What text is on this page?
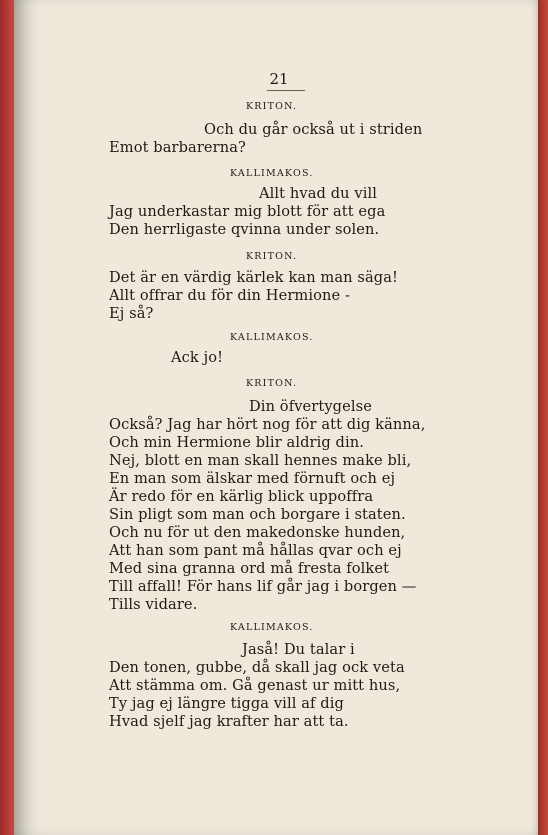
21
KRITON.
Och du går också ut i striden
Emot barbarerna?
KALLIMAKOS.
Allt hvad du vill
Jag underkastar mig blott för att ega
Den herrligaste qvinna under solen.
KRITON.
Det är en värdig kärlek kan man säga!
Allt offrar du för din Hermione -
Ej så?
KALLIMAKOS.
Ack jo!
KRITON.
Din öfvertygelse
Också? Jag har hört nog för att dig känna,
Och min Hermione blir aldrig din.
Nej, blott en man skall hennes make bli,
En man som älskar med förnuft och ej
Är redo för en kärlig blick uppoffra
Sin pligt som man och borgare i staten.
Och nu för ut den makedonske hunden,
Att han som pant må hållas qvar och ej
Med sina granna ord må fresta folket
Till affall! För hans lif går jag i borgen —
Tills vidare.
KALLIMAKOS.
Jaså! Du talar i
Den tonen, gubbe, då skall jag ock veta
Att stämma om. Gå genast ur mitt hus,
Ty jag ej längre tigga vill af dig
Hvad sjelf jag krafter har att ta.
